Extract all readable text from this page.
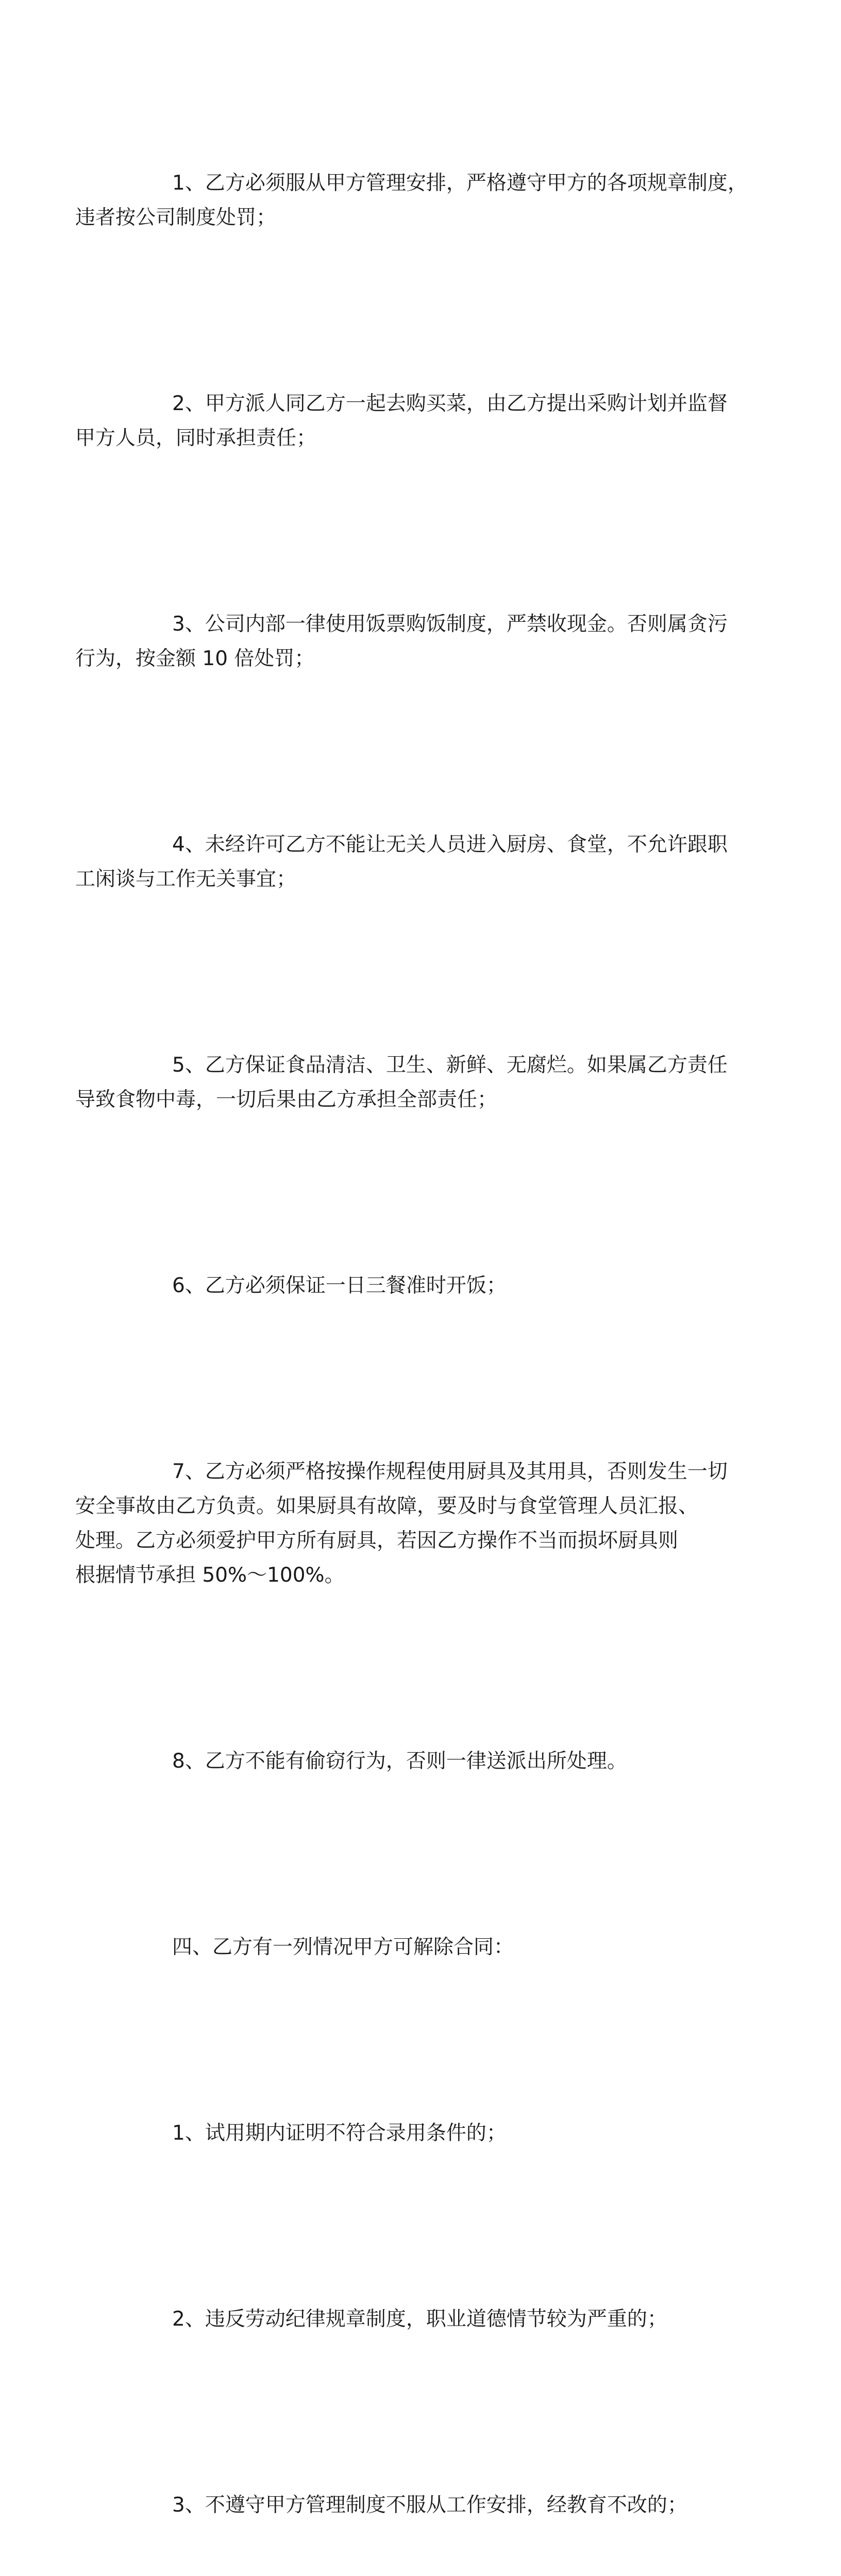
1、乙方必须服从甲方管理安排，严格遵守甲方的各项规章制度，
违者按公司制度处罚；

2、甲方派人同乙方一起去购买菜，由乙方提出采购计划并监督
甲方人员，同时承担责任；

3、公司内部一律使用饭票购饭制度，严禁收现金。否则属贪污
行为，按金额 10 倍处罚；

4、未经许可乙方不能让无关人员进入厨房、食堂，不允许跟职
工闲谈与工作无关事宜；

5、乙方保证食品清洁、卫生、新鲜、无腐烂。如果属乙方责任
导致食物中毒，一切后果由乙方承担全部责任；

6、乙方必须保证一日三餐准时开饭；

7、乙方必须严格按操作规程使用厨具及其用具，否则发生一切
安全事故由乙方负责。如果厨具有故障，要及时与食堂管理人员汇报、
处理。乙方必须爱护甲方所有厨具，若因乙方操作不当而损坏厨具则
根据情节承担 50%～100%。

8、乙方不能有偷窃行为，否则一律送派出所处理。

四、乙方有一列情况甲方可解除合同：

1、试用期内证明不符合录用条件的；

2、违反劳动纪律规章制度，职业道德情节较为严重的；

3、不遵守甲方管理制度不服从工作安排，经教育不改的；
